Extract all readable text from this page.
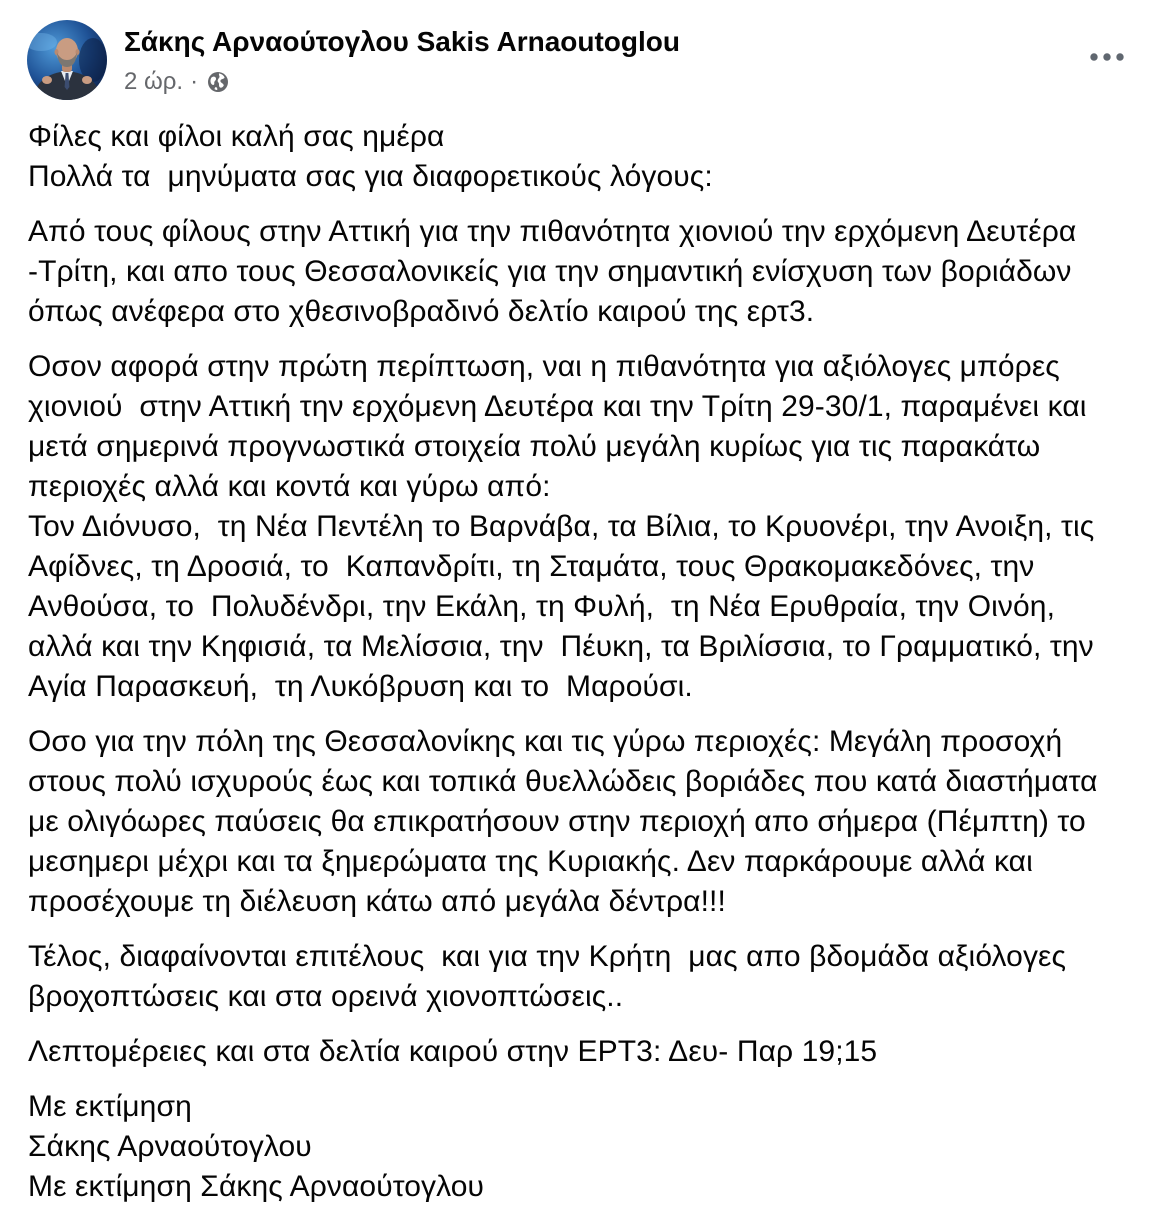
Σάκης Αρναούτογλου Sakis Arnaoutoglou
2 ώρ. ·
Φίλες και φίλοι καλή σας ημέρα
Πολλά τα  μηνύματα σας για διαφορετικούς λόγους:
Από τους φίλους στην Αττική για την πιθανότητα χιονιού την ερχόμενη Δευτέρα
-Τρίτη, και απο τους Θεσσαλονικείς για την σημαντική ενίσχυση των βοριάδων
όπως ανέφερα στο χθεσινοβραδινό δελτίο καιρού της ερτ3.
Οσον αφορά στην πρώτη περίπτωση, ναι η πιθανότητα για αξιόλογες μπόρες
χιονιού  στην Αττική την ερχόμενη Δευτέρα και την Τρίτη 29-30/1, παραμένει και
μετά σημερινά προγνωστικά στοιχεία πολύ μεγάλη κυρίως για τις παρακάτω
περιοχές αλλά και κοντά και γύρω από:
Τον Διόνυσο,  τη Νέα Πεντέλη το Βαρνάβα, τα Βίλια, το Κρυονέρι, την Ανοιξη, τις
Αφίδνες, τη Δροσιά, το  Καπανδρίτι, τη Σταμάτα, τους Θρακομακεδόνες, την
Ανθούσα, το  Πολυδένδρι, την Εκάλη, τη Φυλή,  τη Νέα Ερυθραία, την Οινόη,
αλλά και την Κηφισιά, τα Μελίσσια, την  Πέυκη, τα Βριλίσσια, το Γραμματικό, την
Αγία Παρασκευή,  τη Λυκόβρυση και το  Μαρούσι.
Οσο για την πόλη της Θεσσαλονίκης και τις γύρω περιοχές: Μεγάλη προσοχή
στους πολύ ισχυρούς έως και τοπικά θυελλώδεις βοριάδες που κατά διαστήματα
με ολιγόωρες παύσεις θα επικρατήσουν στην περιοχή απο σήμερα (Πέμπτη) το
μεσημερι μέχρι και τα ξημερώματα της Κυριακής. Δεν παρκάρουμε αλλά και
προσέχουμε τη διέλευση κάτω από μεγάλα δέντρα!!!
Τέλος, διαφαίνονται επιτέλους  και για την Κρήτη  μας απο βδομάδα αξιόλογες
βροχοπτώσεις και στα ορεινά χιονοπτώσεις..
Λεπτομέρειες και στα δελτία καιρού στην ΕΡΤ3: Δευ- Παρ 19;15
Με εκτίμηση
Σάκης Αρναούτογλου
Με εκτίμηση Σάκης Αρναούτογλου
